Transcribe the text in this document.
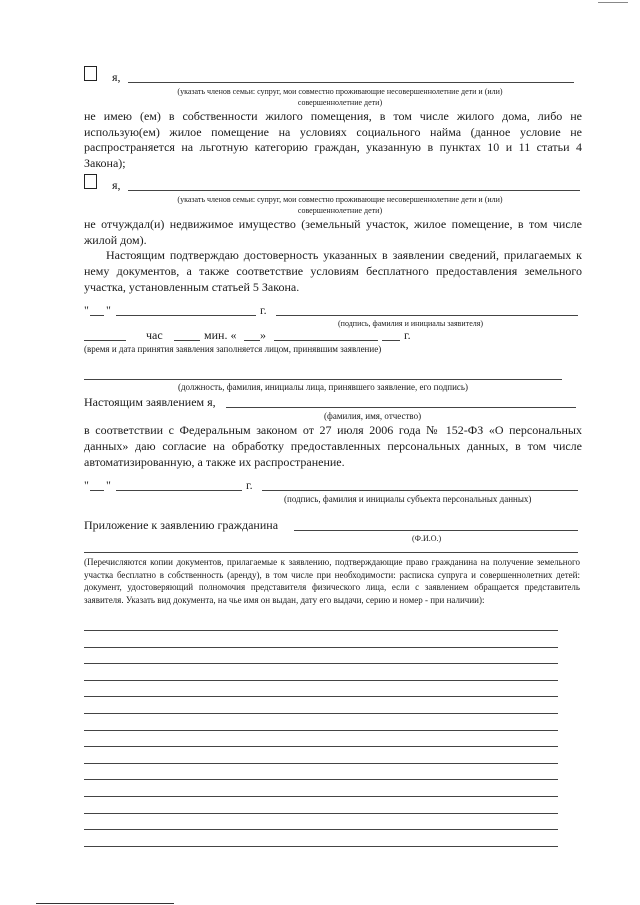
я,
(указать членов семьи: супруг, мои совместно проживающие несовершеннолетние дети и (или)
совершеннолетние дети)
не имею (ем) в собственности жилого помещения, в том числе жилого дома, либо не использую(ем) жилое помещение на условиях социального найма (данное условие не распространяется на льготную категорию граждан, указанную в пунктах 10 и 11 статьи 4 Закона);
я,
(указать членов семьи: супруг, мои совместно проживающие несовершеннолетние дети и (или)
совершеннолетние дети)
не отчуждал(и) недвижимое имущество (земельный участок, жилое помещение, в том числе жилой дом).
Настоящим подтверждаю достоверность указанных в заявлении сведений, прилагаемых к нему документов, а также соответствие условиям бесплатного предоставления земельного участка, установленным статьей 5 Закона.
" "	г.
(подпись, фамилия и инициалы заявителя)
час	мин. « »	г.
(время и дата принятия заявления заполняется лицом, принявшим заявление)
(должность, фамилия, инициалы лица, принявшего заявление, его подпись)
Настоящим заявлением я,
(фамилия, имя, отчество)
в соответствии с Федеральным законом от 27 июля 2006 года № 152-ФЗ «О персональных данных» даю согласие на обработку предоставленных персональных данных, в том числе автоматизированную, а также их распространение.
" "	г.
(подпись, фамилия и инициалы субъекта персональных данных)
Приложение к заявлению гражданина
(Ф.И.О.)
(Перечисляются копии документов, прилагаемые к заявлению, подтверждающие право гражданина на получение земельного участка бесплатно в собственность (аренду), в том числе при необходимости: расписка супруга и совершеннолетних детей: документ, удостоверяющий полномочия представителя физического лица, если с заявлением обращается представитель заявителя. Указать вид документа, на чье имя он выдан, дату его выдачи, серию и номер - при наличии):
